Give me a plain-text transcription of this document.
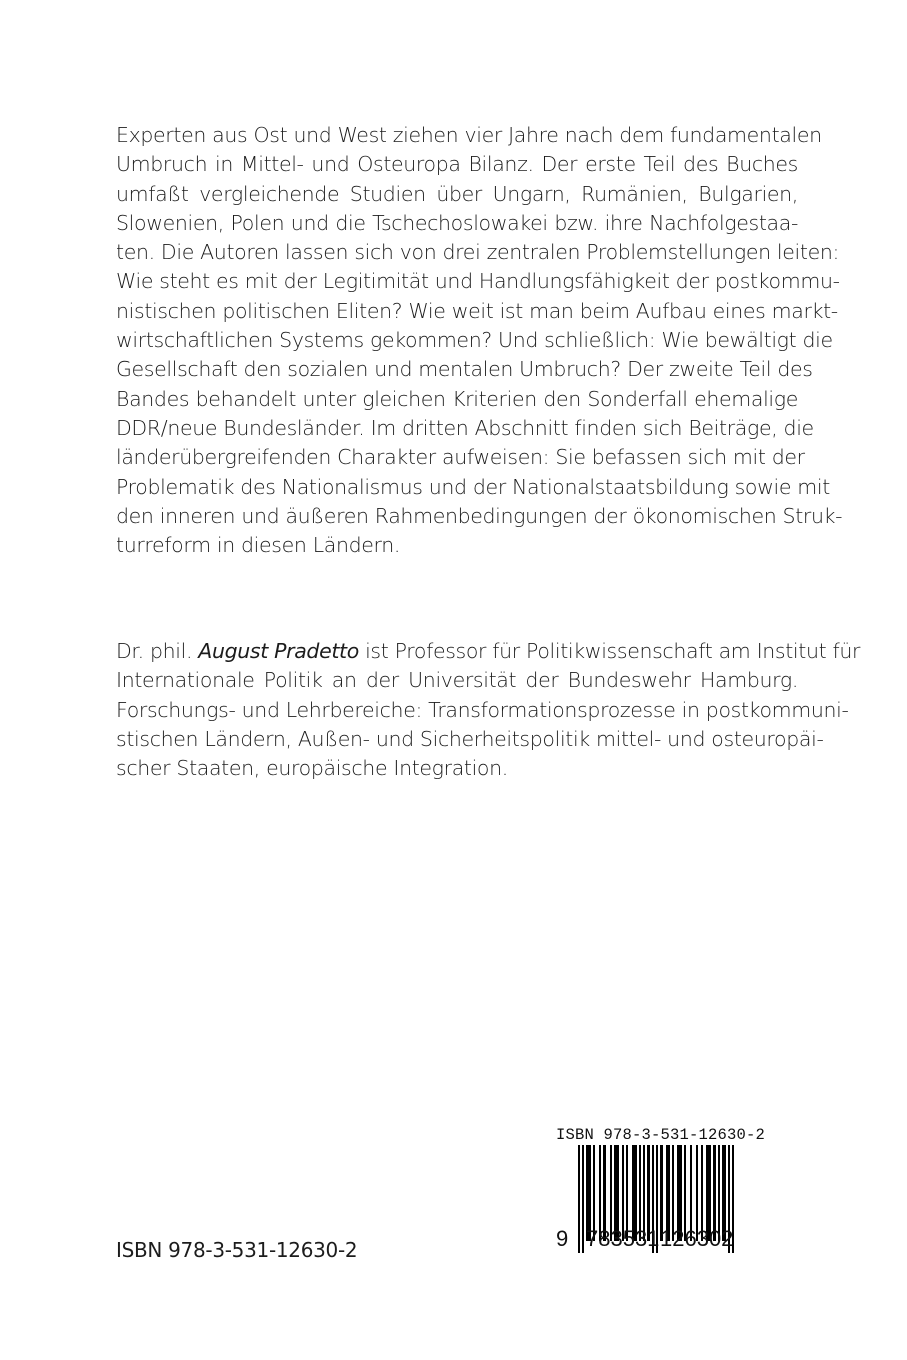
Experten aus Ost und West ziehen vier Jahre nach dem fundamentalen
Umbruch in Mittel- und Osteuropa Bilanz. Der erste Teil des Buches
umfaßt vergleichende Studien über Ungarn, Rumänien, Bulgarien,
Slowenien, Polen und die Tschechoslowakei bzw. ihre Nachfolgestaa-
ten. Die Autoren lassen sich von drei zentralen Problemstellungen leiten:
Wie steht es mit der Legitimität und Handlungsfähigkeit der postkommu-
nistischen politischen Eliten? Wie weit ist man beim Aufbau eines markt-
wirtschaftlichen Systems gekommen? Und schließlich: Wie bewältigt die
Gesellschaft den sozialen und mentalen Umbruch? Der zweite Teil des
Bandes behandelt unter gleichen Kriterien den Sonderfall ehemalige
DDR/neue Bundesländer. Im dritten Abschnitt finden sich Beiträge, die
länderübergreifenden Charakter aufweisen: Sie befassen sich mit der
Problematik des Nationalismus und der Nationalstaatsbildung sowie mit
den inneren und äußeren Rahmenbedingungen der ökonomischen Struk-
turreform in diesen Ländern.
Dr. phil. August Pradetto ist Professor für Politikwissenschaft am Institut für
Internationale Politik an der Universität der Bundeswehr Hamburg.
Forschungs- und Lehrbereiche: Transformationsprozesse in postkommuni-
stischen Ländern, Außen- und Sicherheitspolitik mittel- und osteuropäi-
scher Staaten, europäische Integration.
ISBN 978-3-531-12630-2
9 783531 126302
ISBN 978-3-531-12630-2
